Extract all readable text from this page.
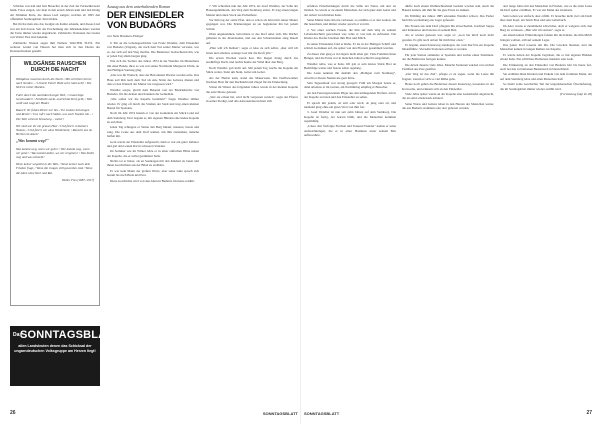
Schickte von nah und fern Besucher in der Zeit der Fernsehkrawatt heim. Fotos zeigen, wie man in den ersten Jahren kam und den Klang der Stimmen hörte, die dieses Lied sangen, welches ab 1995 den offiziellen Sonntagsblatt-Text bildete.

Bei ihr hat man also das Liedgut als Kultur erkannt, und dieses Lied war ein Teil davon. Seit der Erscheinung des Jahreskalenders werden die Texte immer wieder abgedruckt. Zahlreiche Versionen des Liedes von Walter Fiez sind bekannt.

Zahlreiche Weisen sagen ihm Namen: WALTER FLEX. Ein weiterer Grund von Herzen hat man sich in den Dienst der Donauschwaben gestellt.

WILDGÄNSE RAUSCHEN DURCH DIE NACHT
Wildgänse rauschen durch die Nacht / Mit schrillem Schrei nach Norden – / Unstete Fahrt! Habt acht, habt acht! / Die Welt ist voller Morden.
Fahrt durch die nachtdurchwogte Welt, / Graureisige Geschwader! / Fahlhelle zuckt, und Schlachtruf gellt, / Weit wallt und wogt der Hader.
Rausch' ihr fahlen Heere nur hin, / Ihr stolzen Schwingen und Reiter! / Uns ruft's nach Süden, uns nach Norden hin – / Die Welt wird ein Kreuzweg – weiter!
Wir sind wie ihr ein graues Heer / Und fahr'n in Kaisers Namen, / Und fahr'n wir ohne Wiederkehr, / Rauscht uns im Herbst ein Amen!
„Was kommt weg?"
Was kommt weg, wenn wir gehn? / Wer kommt weg, wenn wir gehn? / Was kommt dahin, wo wir vergehen? / Was bleibt weg und was entsteht?
Wenn keiner wegzieht in die Welt, / Wenn keiner nach dem Frieden fragt, / Wenn die Jungen still geworden sind / Wenn die Alten ohne Wort und Rat.
Walter Flex (1887–1917)
Das
SONNTAGSBLATT
allen Landsleuten denen das Schicksal der ungarndeutschen Volksgruppe am Herzen liegt!
Auszug aus dem unterhaltenden Roman
DER EINSIEDLER VON BUDAÖRS
von Nelu Bradean-Ebinger

6. Ein an die Lebensgeschichte von Franz Wendler, dem Einsiedler von Budaörs (Ungarn), der nach dem Tod seiner Mutter verwaist, war es, der sich auf den Weg machte. Die Budaörser beobachteten ihn, wie er jeden Tag allein bergan ging.

Wie sich die Tochter des Jahres 1874 in der Wendler im Mutterhaus mit einer Bande, ihrer so wie von seiner Nachbarin Margarete Uhrin, an den Heiligen Sonntag ging.

„Das war ihr Wunsch, dass der Bub einmal Priester werden solle. Das Haus soll ihm nach dem Tod als eine Stätte des Gebetes dienen und dass er den Wunsch der Mutter nie vergessen wird."

Wendler sorgte, gleich dem Beispiel von der Bezirkskirche von Budaörs, für die Armen und Kranken der Gemeinde.

„Wie sollen wir die Kapelle bezahlen?" fragte Wendler immer wieder. Er ging oft durch die Straßen der Stadt und trug einen kleinen Beutel für Spenden.

Noch im Jahr 1874 bekam er von der Gemeinde ein Stück Land auf dem Steinberg. Dort begann er, mit eigenen Händen eine kleine Kapelle zu errichten.

Jeden Tag schleppte er Steine den Berg hinauf, mauerte, betete und sang. Die Leute aus dem Dorf kamen, um ihm zuzusehen, manche halfen mit.

Gern wurde der Einsiedler aufgesucht, denn er war ein guter Zuhörer und gab den Leuten Rat in schweren Stunden.

Im Sommer wie im Winter lebte er in einer einfachen Hütte neben der Kapelle, die er selbst gezimmert hatte.

Nichts tat er lieber, als an Sonntagen mit den Kindern zu beten und ihnen Geschichten aus der Bibel zu erzählen.

Er war kein Mann der großen Worte, aber seine Güte sprach sich herum bis nach Buda und Pest.

Diese Geschichte wird von den Alten in Budaörs bis heute erzählt.

7. Wir schreiben nun das Jahr 1874, als Josef Wendler, der Sohn der Hauseigentümerin, den Weg zum Steinberg antrat. Er trug einen langen Mantel und einen Stock aus Eichenholz.

Vor ihm lag der steile Pfad, den er schon als Kind mit seiner Mutter gegangen war. Die Erinnerungen an sie begleiteten ihn bei jedem Schritt.

Oben angekommen, betrachtete er das Dorf unter sich. Die Dächer glänzten in der Abendsonne, und aus den Schornsteinen stieg Rauch auf.

„Hier will ich bleiben", sagte er leise zu sich selbst, „hier will ich beten und arbeiten, solange Gott mir die Kraft gibt."

Die ersten Wochen waren hart. Der Regen drang durch das notdürftige Dach, und nachts heulte der Wind über den Berg.

Doch Wendler gab nicht auf. Mit jedem Tag wuchs die Kapelle ein Stück weiter, Stein um Stein, Gebet um Gebet.

Als der Herbst kam, stand das Mauerwerk. Die Dorfbewohner brachten Holz für den Dachstuhl und Ziegel für die Eindeckung.

Schon im Winter des folgenden Jahres wurde in der kleinen Kapelle die erste Messe gelesen.

„Wer sie erbaut hat, wird nicht vergessen werden", sagte der Pfarrer in seiner Predigt, und alle Anwesenden nickten still.

erfahren Entscheidungen durch die Stille der Natur, um dort zu bleiben. So wurde er zu einem Menschen, der sich ganz dem Gebet und der Arbeit verschrieben hatte.

Seine Mutter hatte ihn nie verlassen, so erzählte er es den Leuten, die ihn besuchten, und immer wieder sprach er von ihr.

2. Vor einer solchen Freude, die ihm auf dem Weg zu seinem Lebensabschnitt gewachsen war, lebte er von nun an zufrieden. Die Kinder des Dorfes brachten ihm Brot und Milch.

In seiner Einsiedelei fand er Ruhe. Er las in der Heiligen Schrift und schrieb Gedanken auf, die später von den Pfarrern gesammelt wurden.

Zu dieser Zeit ging es in Ungarn nicht allen gut. Viele Familien litten Hunger, und die Ernte war in manchen Jahren schlecht ausgefallen.

Wendler teilte, was er hatte. Oft gab er sein letztes Stück Brot an Bedürftige weiter und fastete selbst tagelang.

Die Leute nannten ihn deshalb den „Heiligen vom Steinberg", obwohl er diesen Namen nie gern hörte.

Sein Tagesablauf war streng geregelt: Früh am Morgen betete er, dann arbeitete er im Garten, am Nachmittag empfing er Besucher.

An den Feiertagen kamen Pilger aus den umliegenden Dörfern, um in der Kapelle zu beten und den Einsiedler zu sehen.

Er sprach mit jedem, ob arm oder reich, ob jung oder alt, und niemand ging ohne ein gutes Wort von ihm fort.

3. Josef Wendler ist nun seit zehn Jahren auf dem Steinberg. Die Kapelle ist fertig, der Garten blüht, und die Menschen kommen regelmäßig.

„Unser drei Verfolgte Furchen und Tausend Wunder" nannte er seine Aufzeichnungen, die er in einer Holzkiste unter seinem Bett aufbewahrte.

dürfte nach einem Weihnachtsabend beendet worden sein. Auch die Bauern kamen, um ihm für die gute Ernte zu danken.

Im Frühling des Jahres 1885 erkrankte Wendler schwer. Das Fieber hielt ihn wochenlang ans Lager gefesselt.

Die Frauen aus dem Dorf pflegten ihn abwechselnd, brachten Suppe und Kräutertee und beteten an seinem Bett.

Als er wieder genesen war, sagte er: „Gott hat mich noch nicht gerufen. Es gibt noch Arbeit für mich hier oben."

Er begann, einen Kreuzweg anzulegen, der vom Dorf bis zur Kapelle hinaufführte. Vierzehn Stationen sollten es werden.

Für jede Station sammelte er Spenden und suchte einen Steinmetz, der die Bildstöcke fertigen konnte.

Die Arbeit dauerte viele Jahre. Manche Stationen wurden von reichen Familien aus Pest gestiftet.

„Der Weg ist das Ziel", pflegte er zu sagen, wenn die Leute ihn fragten, warum er sich so viel Mühe gebe.

Heute noch gehen die Budaörser diesen Kreuzweg, besonders in der Karwoche, und erinnern sich an den Einsiedler.

Viele Jahre später wurde an der Kapelle eine Gedenktafel angebracht, die an sein Lebenswerk erinnert.

Seine Worte und Gebete leben in den Herzen der Menschen weiter, die aus Budaörs stammen oder dort geboren wurden.

dort lange Jahre mit den Menschen in Frieden, wie es die alten Leute im Dorf später erzählten. Er war ein Mann des Glaubens.

Sein Leben war einfach, aber erfüllt. Er brauchte nicht viel: ein Dach über dem Kopf, ein Stück Brot und sein Gebetbuch.

Im Alter wurde er zunehmend schwächer, doch er weigerte sich, den Berg zu verlassen. „Hier will ich sterben", sagte er.

An einem kalten Wintermorgen fanden ihn die Kinder, die ihm Milch bringen wollten, still auf seinem Lager.

Das ganze Dorf trauerte um ihn. Die Glocken läuteten, und die Menschen kamen in langen Reihen zur Kapelle.

Er wurde neben der Kapelle begraben, die er mit eigenen Händen erbaut hatte. Ein schlichtes Holzkreuz markiert sein Grab.

Die Erinnerung an den Einsiedler von Budaörs lebt bis heute fort, auch bei den vertriebenen Budaörsern in Deutschland.

Sie erzählen ihren Kindern und Enkeln von dem frommen Mann, der auf dem Steinberg lebte und allen Menschen half.

So bleibt seine Geschichte Teil der ungarndeutschen Überlieferung, die im Sonntagsblatt immer wieder erzählt wird.

(Fortsetzung folgt im 28)

26	SONNTAGSBLATT SONNTAGSBLATT	27
